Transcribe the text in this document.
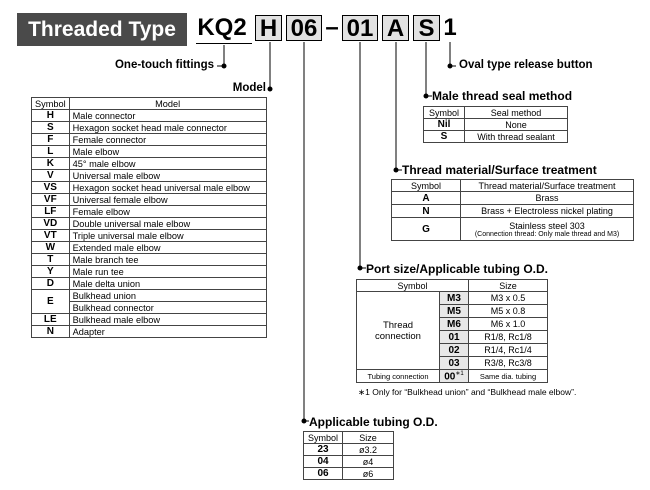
Threaded Type KQ2 H 06 – 01 A S 1
One-touch fittings	Oval type release button
Model
Symbol	Model
H	Male connector
S	Hexagon socket head male connector
F	Female connector
L	Male elbow
K	45° male elbow
V	Universal male elbow
VS	Hexagon socket head universal male elbow
VF	Universal female elbow
LF	Female elbow
VD	Double universal male elbow
VT	Triple universal male elbow
W	Extended male elbow
T	Male branch tee
Y	Male run tee
D	Male delta union
E	Bulkhead union
	Bulkhead connector
LE	Bulkhead male elbow
N	Adapter
Male thread seal method
Symbol	Seal method
Nil	None
S	With thread sealant
Thread material/Surface treatment
Symbol	Thread material/Surface treatment
A	Brass
N	Brass + Electroless nickel plating
G	Stainless steel 303
(Connection thread: Only male thread and M3)
Port size/Applicable tubing O.D.
Symbol		Size
Thread connection	M3	M3 x 0.5
	M5	M5 x 0.8
	M6	M6 x 1.0
	01	R1/8, Rc1/8
	02	R1/4, Rc1/4
	03	R3/8, Rc3/8
Tubing connection	$00^{∗1}$	Same dia. tubing
∗1 Only for “Bulkhead union” and “Bulkhead male elbow”.
Applicable tubing O.D.
Symbol	Size
23	ø3.2
04	ø4
06	ø6
